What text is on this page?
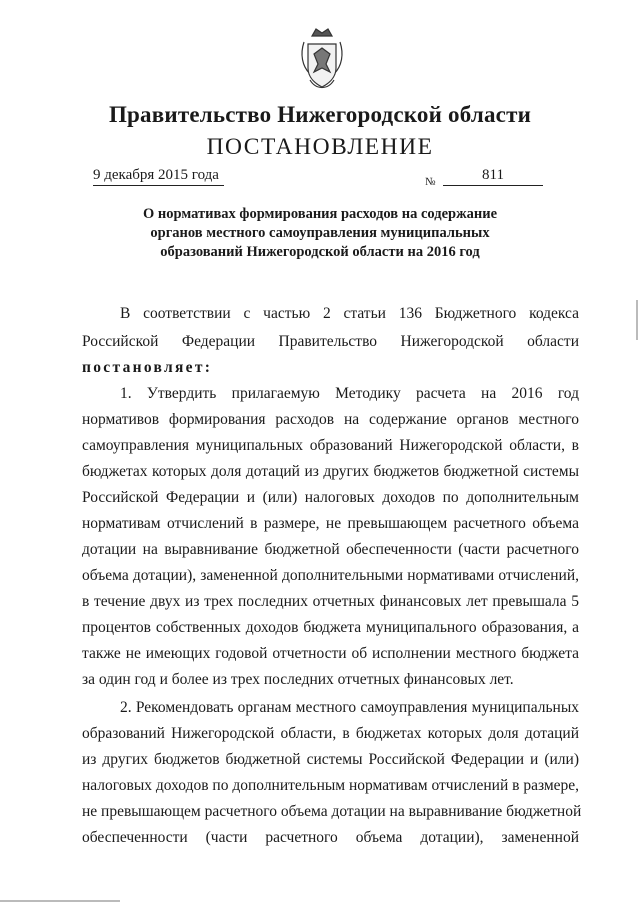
Правительство Нижегородской области
ПОСТАНОВЛЕНИЕ
9 декабря 2015 года	№	811
О нормативах формирования расходов на содержание
органов местного самоуправления муниципальных
образований Нижегородской области на 2016 год
В соответствии с частью 2 статьи 136 Бюджетного кодекса
Российской Федерации Правительство Нижегородской области
постановляет:
1. Утвердить прилагаемую Методику расчета на 2016 год
нормативов формирования расходов на содержание органов местного
самоуправления муниципальных образований Нижегородской области, в
бюджетах которых доля дотаций из других бюджетов бюджетной системы
Российской Федерации и (или) налоговых доходов по дополнительным
нормативам отчислений в размере, не превышающем расчетного объема
дотации на выравнивание бюджетной обеспеченности (части расчетного
объема дотации), замененной дополнительными нормативами отчислений,
в течение двух из трех последних отчетных финансовых лет превышала 5
процентов собственных доходов бюджета муниципального образования, а
также не имеющих годовой отчетности об исполнении местного бюджета
за один год и более из трех последних отчетных финансовых лет.
2. Рекомендовать органам местного самоуправления муниципальных
образований Нижегородской области, в бюджетах которых доля дотаций
из других бюджетов бюджетной системы Российской Федерации и (или)
налоговых доходов по дополнительным нормативам отчислений в размере,
не превышающем расчетного объема дотации на выравнивание бюджетной
обеспеченности (части расчетного объема дотации), замененной
